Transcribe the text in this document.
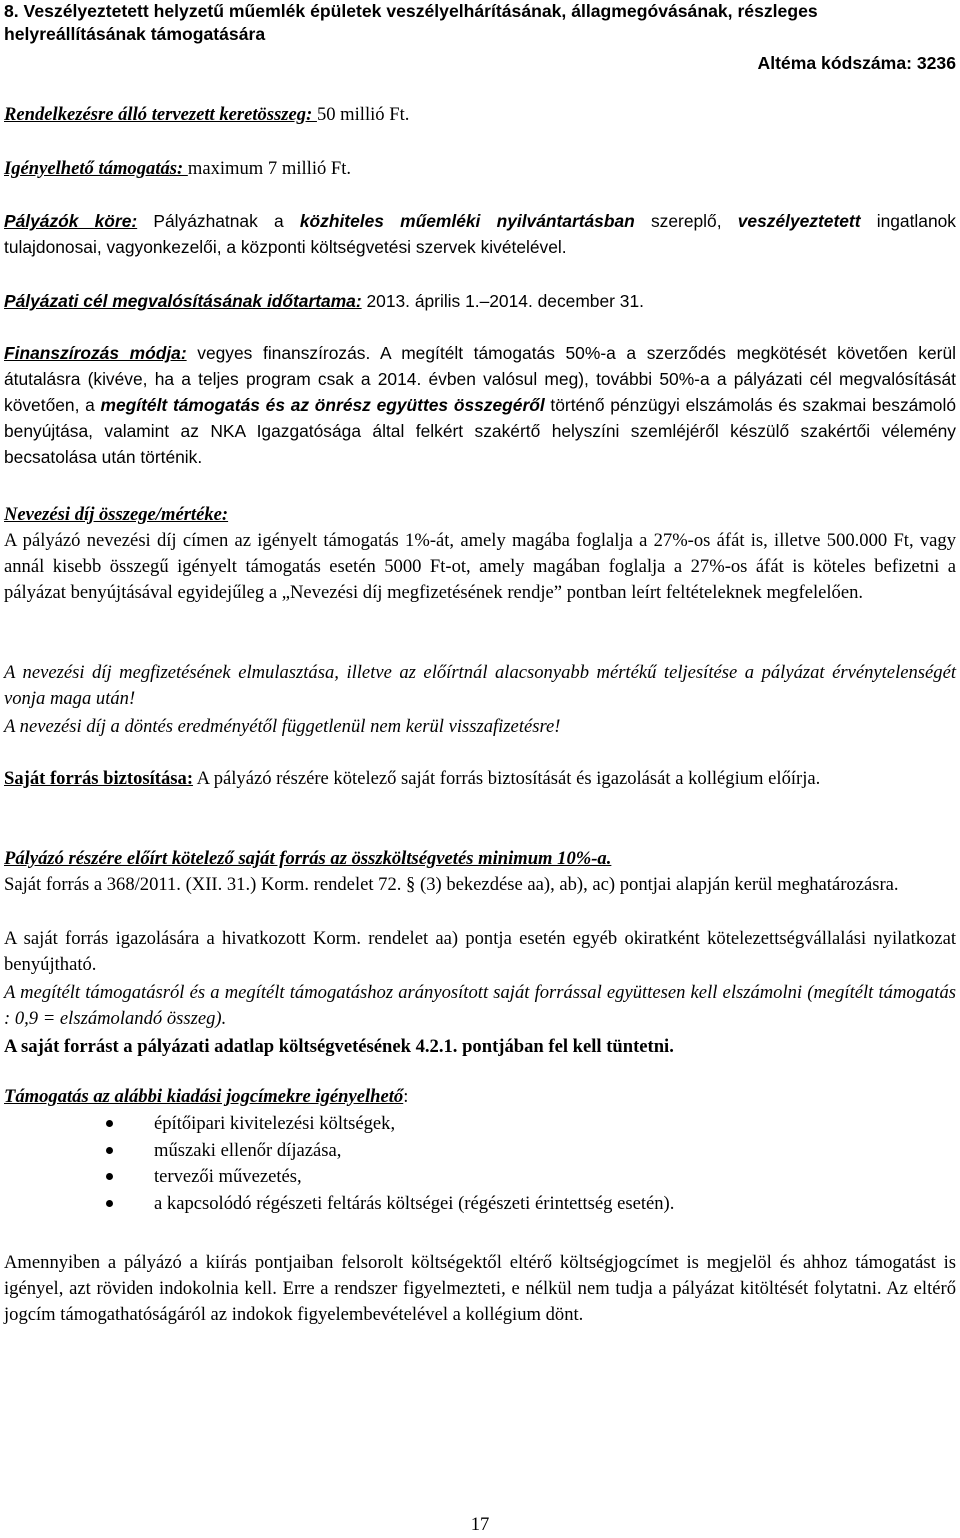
8. Veszélyeztetett helyzetű műemlék épületek veszélyelhárításának, állagmegóvásának, részleges
helyreállításának támogatására
Altéma kódszáma: 3236

Rendelkezésre álló tervezett keretösszeg: 50 millió Ft.

Igényelhető támogatás: maximum 7 millió Ft.

Pályázók köre: Pályázhatnak a közhiteles műemléki nyilvántartásban szereplő, veszélyeztetett ingatlanok tulajdonosai, vagyonkezelői, a központi költségvetési szervek kivételével.

Pályázati cél megvalósításának időtartama: 2013. április 1.–2014. december 31.

Finanszírozás módja: vegyes finanszírozás. A megítélt támogatás 50%-a a szerződés megkötését követően kerül átutalásra (kivéve, ha a teljes program csak a 2014. évben valósul meg), további 50%-a a pályázati cél megvalósítását követően, a megítélt támogatás és az önrész együttes összegéről történő pénzügyi elszámolás és szakmai beszámoló benyújtása, valamint az NKA Igazgatósága által felkért szakértő helyszíni szemléjéről készülő szakértői vélemény becsatolása után történik.

Nevezési díj összege/mértéke:

A pályázó nevezési díj címen az igényelt támogatás 1%-át, amely magába foglalja a 27%-os áfát is, illetve 500.000 Ft, vagy annál kisebb összegű igényelt támogatás esetén 5000 Ft-ot, amely magában foglalja a 27%-os áfát is köteles befizetni a pályázat benyújtásával egyidejűleg a „Nevezési díj megfizetésének rendje” pontban leírt feltételeknek megfelelően.

A nevezési díj megfizetésének elmulasztása, illetve az előírtnál alacsonyabb mértékű teljesítése a pályázat érvénytelenségét vonja maga után!

A nevezési díj a döntés eredményétől függetlenül nem kerül visszafizetésre!

Saját forrás biztosítása: A pályázó részére kötelező saját forrás biztosítását és igazolását a kollégium előírja.

Pályázó részére előírt kötelező saját forrás az összköltségvetés minimum 10%-a.

Saját forrás a 368/2011. (XII. 31.) Korm. rendelet 72. § (3) bekezdése aa), ab), ac) pontjai alapján kerül meghatározásra.

A saját forrás igazolására a hivatkozott Korm. rendelet aa) pontja esetén egyéb okiratként kötelezettségvállalási nyilatkozat benyújtható.

A megítélt támogatásról és a megítélt támogatáshoz arányosított saját forrással együttesen kell elszámolni (megítélt támogatás : 0,9 = elszámolandó összeg).

A saját forrást a pályázati adatlap költségvetésének 4.2.1. pontjában fel kell tüntetni.

Támogatás az alábbi kiadási jogcímekre igényelhető:

építőipari kivitelezési költségek,
műszaki ellenőr díjazása,
tervezői művezetés,
a kapcsolódó régészeti feltárás költségei (régészeti érintettség esetén).

Amennyiben a pályázó a kiírás pontjaiban felsorolt költségektől eltérő költségjogcímet is megjelöl és ahhoz támogatást is igényel, azt röviden indokolnia kell. Erre a rendszer figyelmezteti, e nélkül nem tudja a pályázat kitöltését folytatni. Az eltérő jogcím támogathatóságáról az indokok figyelembevételével a kollégium dönt.

17
